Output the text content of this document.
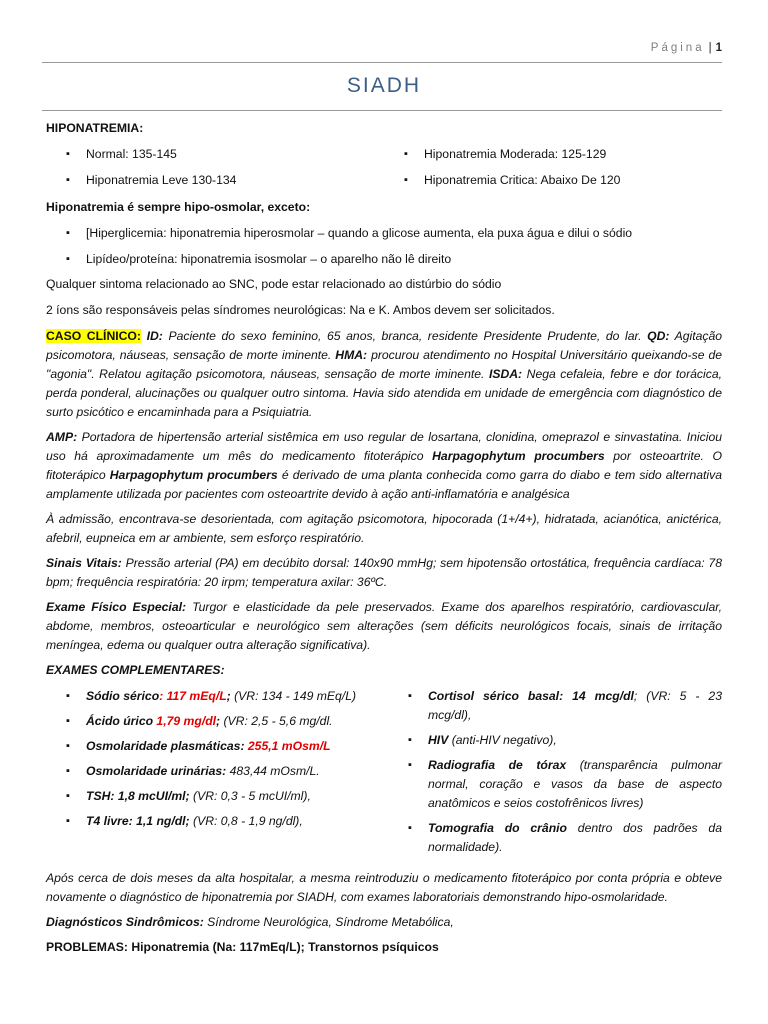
Página | 1
SIADH

HIPONATREMIA:

▪ Normal: 135-145
▪ Hiponatremia Leve 130-134
▪ Hiponatremia Moderada: 125-129
▪ Hiponatremia Critica: Abaixo De 120

Hiponatremia é sempre hipo-osmolar, exceto:

▪ [Hiperglicemia: hiponatremia hiperosmolar – quando a glicose aumenta, ela puxa água e dilui o sódio
▪ Lipídeo/proteína: hiponatremia isosmolar – o aparelho não lê direito

Qualquer sintoma relacionado ao SNC, pode estar relacionado ao distúrbio do sódio

2 íons são responsáveis pelas síndromes neurológicas: Na e K. Ambos devem ser solicitados.

CASO CLÍNICO: ID: Paciente do sexo feminino, 65 anos, branca, residente Presidente Prudente, do lar. QD: Agitação psicomotora, náuseas, sensação de morte iminente. HMA: procurou atendimento no Hospital Universitário queixando-se de "agonia". Relatou agitação psicomotora, náuseas, sensação de morte iminente. ISDA: Nega cefaleia, febre e dor torácica, perda ponderal, alucinações ou qualquer outro sintoma. Havia sido atendida em unidade de emergência com diagnóstico de surto psicótico e encaminhada para a Psiquiatria.

AMP: Portadora de hipertensão arterial sistêmica em uso regular de losartana, clonidina, omeprazol e sinvastatina. Iniciou uso há aproximadamente um mês do medicamento fitoterápico Harpagophytum procumbers por osteoartrite. O fitoterápico Harpagophytum procumbers é derivado de uma planta conhecida como garra do diabo e tem sido alternativa amplamente utilizada por pacientes com osteoartrite devido à ação anti-inflamatória e analgésica

À admissão, encontrava-se desorientada, com agitação psicomotora, hipocorada (1+/4+), hidratada, acianótica, anictérica, afebril, eupneica em ar ambiente, sem esforço respiratório.

Sinais Vitais: Pressão arterial (PA) em decúbito dorsal: 140x90 mmHg; sem hipotensão ortostática, frequência cardíaca: 78 bpm; frequência respiratória: 20 irpm; temperatura axilar: 36ºC.

Exame Físico Especial: Turgor e elasticidade da pele preservados. Exame dos aparelhos respiratório, cardiovascular, abdome, membros, osteoarticular e neurológico sem alterações (sem déficits neurológicos focais, sinais de irritação meníngea, edema ou qualquer outra alteração significativa).

EXAMES COMPLEMENTARES:

▪ Sódio sérico: 117 mEq/L; (VR: 134 - 149 mEq/L)
▪ Ácido úrico 1,79 mg/dl; (VR: 2,5 - 5,6 mg/dl.
▪ Osmolaridade plasmáticas: 255,1 mOsm/L
▪ Osmolaridade urinárias: 483,44 mOsm/L.
▪ TSH: 1,8 mcUI/ml; (VR: 0,3 - 5 mcUI/ml),
▪ T4 livre: 1,1 ng/dl; (VR: 0,8 - 1,9 ng/dl),
▪ Cortisol sérico basal: 14 mcg/dl; (VR: 5 - 23 mcg/dl),
▪ HIV (anti-HIV negativo),
▪ Radiografia de tórax (transparência pulmonar normal, coração e vasos da base de aspecto anatômicos e seios costofrênicos livres)
▪ Tomografia do crânio dentro dos padrões da normalidade).

Após cerca de dois meses da alta hospitalar, a mesma reintroduziu o medicamento fitoterápico por conta própria e obteve novamente o diagnóstico de hiponatremia por SIADH, com exames laboratoriais demonstrando hipo-osmolaridade.

Diagnósticos Sindrômicos: Síndrome Neurológica, Síndrome Metabólica,

PROBLEMAS: Hiponatremia (Na: 117mEq/L); Transtornos psíquicos
